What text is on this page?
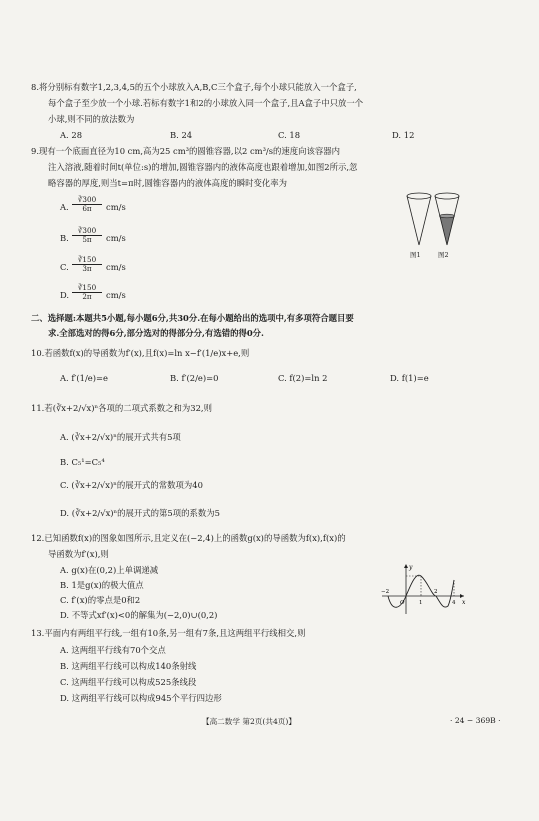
8.将分别标有数字1,2,3,4,5的五个小球放入A,B,C三个盒子,每个小球只能放入一个盒子,
每个盒子至少放一个小球.若标有数字1和2的小球放入同一个盒子,且A盒子中只放一个
小球,则不同的放法数为
A. 28	B. 24	C. 18	D. 12
9.现有一个底面直径为10 cm,高为25 cm³的圆锥容器,以2 cm³/s的速度向该容器内
注入溶液,随着时间t(单位:s)的增加,圆锥容器内的液体高度也跟着增加,如图2所示,忽
略容器的厚度,则当t=π时,圆锥容器内的液体高度的瞬时变化率为
A. $\frac{∛300}{6\pi} cm/s$
B. $\frac{∛300}{5\pi} cm/s$
C. $\frac{∛150}{3\pi} cm/s$
D. $\frac{∛150}{2\pi} cm/s$
图1	图2
二、选择题:本题共5小题,每小题6分,共30分.在每小题给出的选项中,有多项符合题目要
求.全部选对的得6分,部分选对的得部分分,有选错的得0分.
10.若函数f(x)的导函数为f′(x),且f(x)=ln x−f′(1/e)x+e,则
A. f′(1/e)=e	B. f′(2/e)=0	C. f(2)=ln 2	D. f(1)=e
11.若(∛x+2/√x)ⁿ各项的二项式系数之和为32,则
A. (∛x+2/√x)ⁿ的展开式共有5项
B. C₅¹=C₅⁴
C. (∛x+2/√x)ⁿ的展开式的常数项为40
D. (∛x+2/√x)ⁿ的展开式的第5项的系数为5
12.已知函数f(x)的图象如图所示,且定义在(−2,4)上的函数g(x)的导函数为f(x),f(x)的
导函数为f′(x),则
A. g(x)在(0,2)上单调递减
B. 1是g(x)的极大值点
C. f′(x)的零点是0和2
D. 不等式xf′(x)<0的解集为(−2,0)∪(0,2)
y
x
O
−2
1
2
4
13.平面内有两组平行线,一组有10条,另一组有7条,且这两组平行线相交,则
A. 这两组平行线有70个交点
B. 这两组平行线可以构成140条射线
C. 这两组平行线可以构成525条线段
D. 这两组平行线可以构成945个平行四边形
【高二数学 第2页(共4页)】	· 24 − 369B ·
